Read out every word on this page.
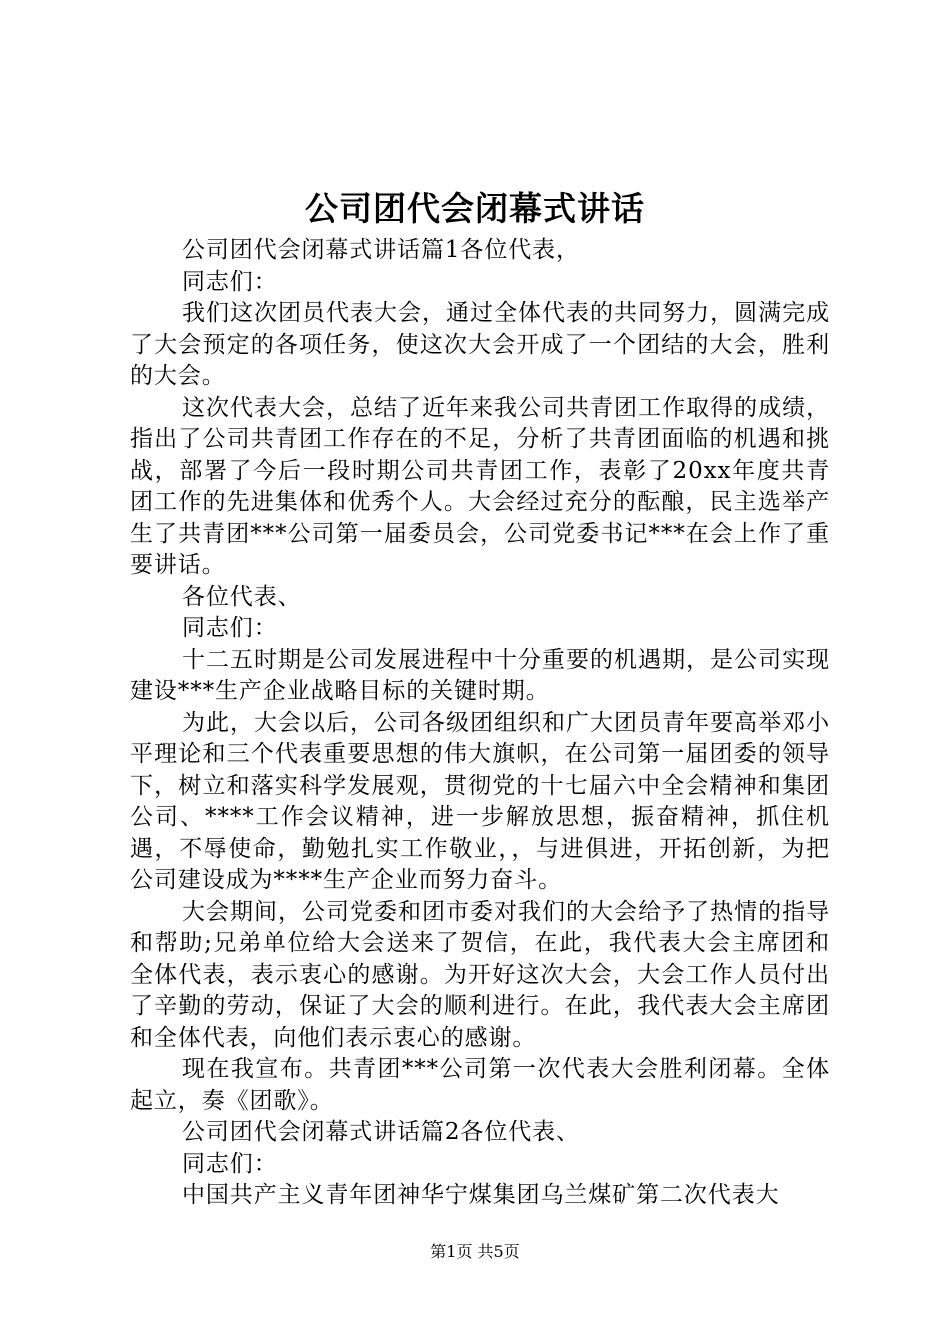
公司团代会闭幕式讲话

公司团代会闭幕式讲话篇1各位代表，

同志们：

我们这次团员代表大会，通过全体代表的共同努力，圆满完成了大会预定的各项任务，使这次大会开成了一个团结的大会，胜利的大会。

这次代表大会，总结了近年来我公司共青团工作取得的成绩，指出了公司共青团工作存在的不足，分析了共青团面临的机遇和挑战，部署了今后一段时期公司共青团工作，表彰了20xx年度共青团工作的先进集体和优秀个人。大会经过充分的酝酿，民主选举产生了共青团***公司第一届委员会，公司党委书记***在会上作了重要讲话。

各位代表、

同志们：

十二五时期是公司发展进程中十分重要的机遇期，是公司实现建设***生产企业战略目标的关键时期。

为此，大会以后，公司各级团组织和广大团员青年要高举邓小平理论和三个代表重要思想的伟大旗帜，在公司第一届团委的领导下，树立和落实科学发展观，贯彻党的十七届六中全会精神和集团公司、****工作会议精神，进一步解放思想，振奋精神，抓住机遇，不辱使命，勤勉扎实工作敬业，，与进俱进，开拓创新，为把公司建设成为****生产企业而努力奋斗。

大会期间，公司党委和团市委对我们的大会给予了热情的指导和帮助;兄弟单位给大会送来了贺信，在此，我代表大会主席团和全体代表，表示衷心的感谢。为开好这次大会，大会工作人员付出了辛勤的劳动，保证了大会的顺利进行。在此，我代表大会主席团和全体代表，向他们表示衷心的感谢。

现在我宣布。共青团***公司第一次代表大会胜利闭幕。全体起立，奏《团歌》。

公司团代会闭幕式讲话篇2各位代表、

同志们：

中国共产主义青年团神华宁煤集团乌兰煤矿第二次代表大

第1页 共5页
